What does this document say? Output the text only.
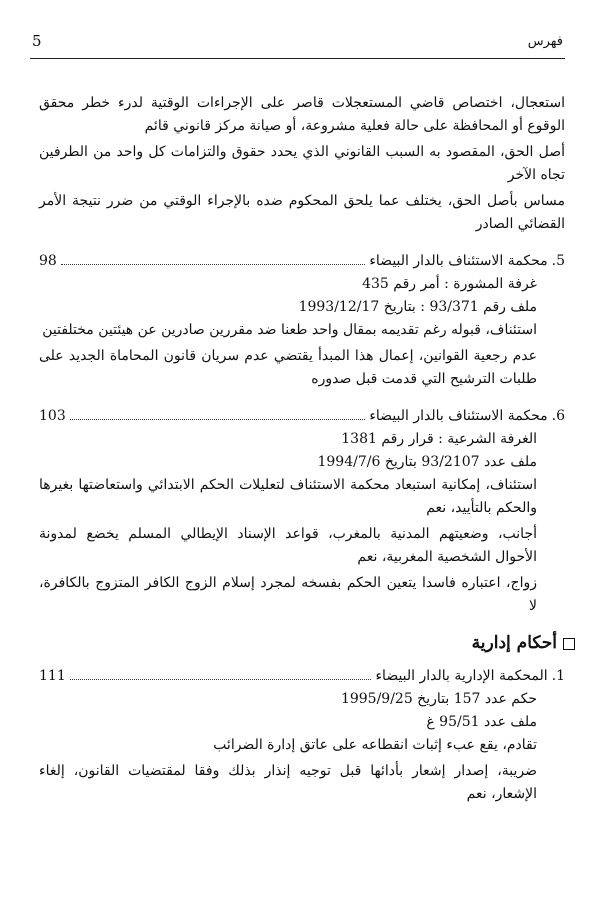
5	فهرس

استعجال، اختصاص قاضي المستعجلات قاصر على الإجراءات الوقتية لدرء خطر محقق الوقوع أو المحافظة على حالة فعلية مشروعة، أو صيانة مركز قانوني قائم

أصل الحق، المقصود به السبب القانوني الذي يحدد حقوق والتزامات كل واحد من الطرفين تجاه الآخر

مساس بأصل الحق، يختلف عما يلحق المحكوم ضده بالإجراء الوقتي من ضرر نتيجة الأمر القضائي الصادر

5.
محكمة الاستئناف بالدار البيضاء
98

غرفة المشورة : أمر رقم 435

ملف رقم 93/371 : بتاريخ 1993/12/17

استئناف، قبوله رغم تقديمه بمقال واحد طعنا ضد مقررين صادرين عن هيئتين مختلفتين

عدم رجعية القوانين، إعمال هذا المبدأ يقتضي عدم سريان قانون المحاماة الجديد على طلبات الترشيح التي قدمت قبل صدوره

6.
محكمة الاستئناف بالدار البيضاء
103

الغرفة الشرعية : قرار رقم 1381

ملف عدد 93/2107 بتاريخ 1994/7/6

استئناف، إمكانية استبعاد محكمة الاستئناف لتعليلات الحكم الابتدائي واستعاضتها بغيرها والحكم بالتأييد، نعم

أجانب، وضعيتهم المدنية بالمغرب، قواعد الإسناد الإيطالي المسلم يخضع لمدونة الأحوال الشخصية المغربية، نعم

زواج، اعتباره فاسدا يتعين الحكم بفسخه لمجرد إسلام الزوج الكافر المتزوج بالكافرة، لا

أحكام إدارية
1.
المحكمة الإدارية بالدار البيضاء
111

حكم عدد 157 بتاريخ 1995/9/25

ملف عدد 95/51 غ

تقادم، يقع عبء إثبات انقطاعه على عاتق إدارة الضرائب

ضريبة، إصدار إشعار بأدائها قبل توجيه إنذار بذلك وفقا لمقتضيات القانون، إلغاء الإشعار، نعم
